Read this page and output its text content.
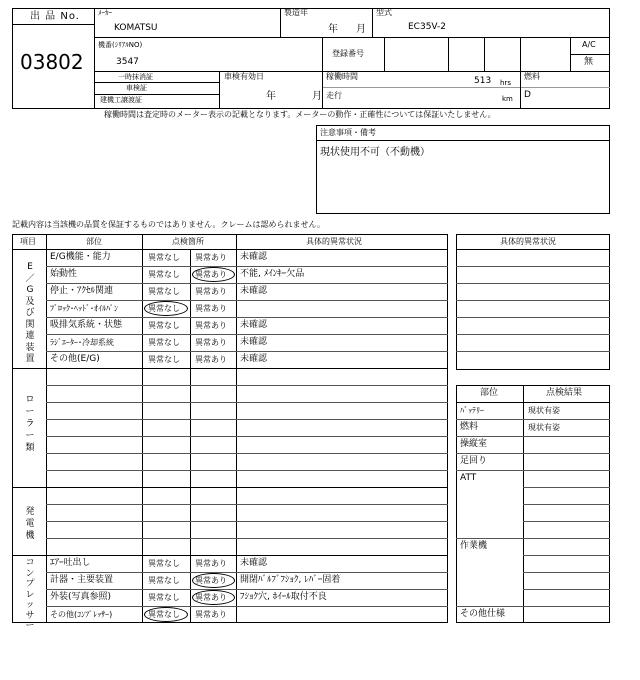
出 品 No.
03802
ﾒｰｶｰ
KOMATSU
製造年
年 月
型式
EC35V-2
機番(ｼﾘｱﾙNO)
3547
登録番号
A/C
無
一時抹消証
車検証
建機工譲渡証
車検有効日
年	月
稼働時間	513 hrs
走行	km
燃料
D
稼働時間は査定時のメーター表示の記載となります。メーターの動作・正確性については保証いたしません。
注意事項・備考
現状使用不可（不動機）
記載内容は当該機の品質を保証するものではありません。クレームは認められません。
項目	部位	点検箇所	具体的異常状況
E／G及び関連装置
ローラー類
発電機
コンプレッサー
E/G機能・能力	異常なし 異常あり 未確認
始動性	異常なし 異常あり 不能, ﾒｲﾝｷｰ欠品
停止・ｱｸｾﾙ関連	異常なし 異常あり 未確認
ﾌﾞﾛｯｸ･ﾍｯﾄﾞ･ｵｲﾙﾊﾟﾝ	異常なし 異常あり
吸排気系統・状態	異常なし 異常あり 未確認
ﾗｼﾞｴｰﾀｰ･冷却系統	異常なし 異常あり 未確認
その他(E/G)	異常なし 異常あり 未確認
ｴｱｰ吐出し	異常なし 異常あり 未確認
計器・主要装置	異常なし 異常あり 開閉ﾊﾞﾙﾌﾞﾌｼｮｸ, ﾚﾊﾞｰ固着
外装(写真参照)	異常なし 異常あり ﾌｼｮｸ穴, ﾎｲｰﾙ取付不良
その他(ｺﾝﾌﾟﾚｯｻｰ)	異常なし 異常あり
具体的異常状況
部位	点検結果
ﾊﾞｯﾃﾘｰ	現状有姿
燃料	現状有姿
操縦室
足回り
ATT
作業機
その他仕様
